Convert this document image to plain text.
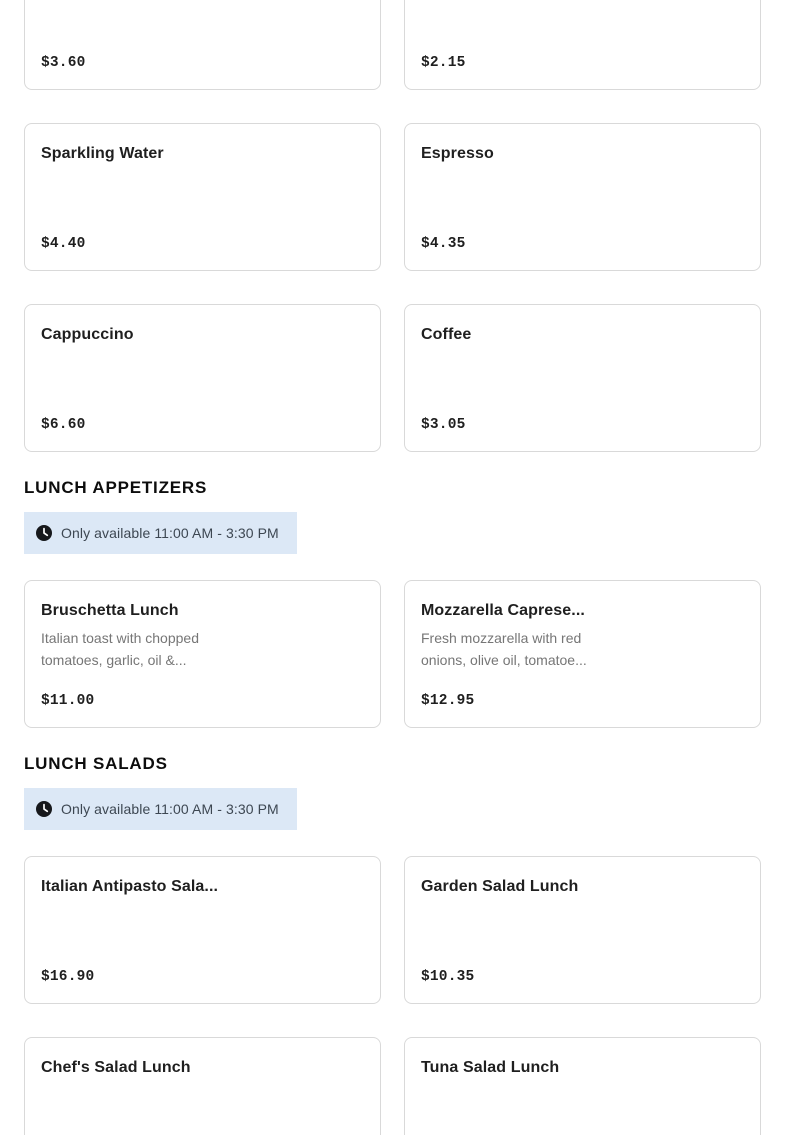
$3.60	$2.15
Sparkling Water
$4.40
Espresso
$4.35
Cappuccino
$6.60
Coffee
$3.05
LUNCH APPETIZERS
Only available 11:00 AM - 3:30 PM
Bruschetta Lunch
Italian toast with chopped tomatoes, garlic, oil &...
$11.00
Mozzarella Caprese...
Fresh mozzarella with red onions, olive oil, tomatoe...
$12.95
LUNCH SALADS
Only available 11:00 AM - 3:30 PM
Italian Antipasto Sala...
$16.90
Garden Salad Lunch
$10.35
Chef's Salad Lunch	Tuna Salad Lunch
